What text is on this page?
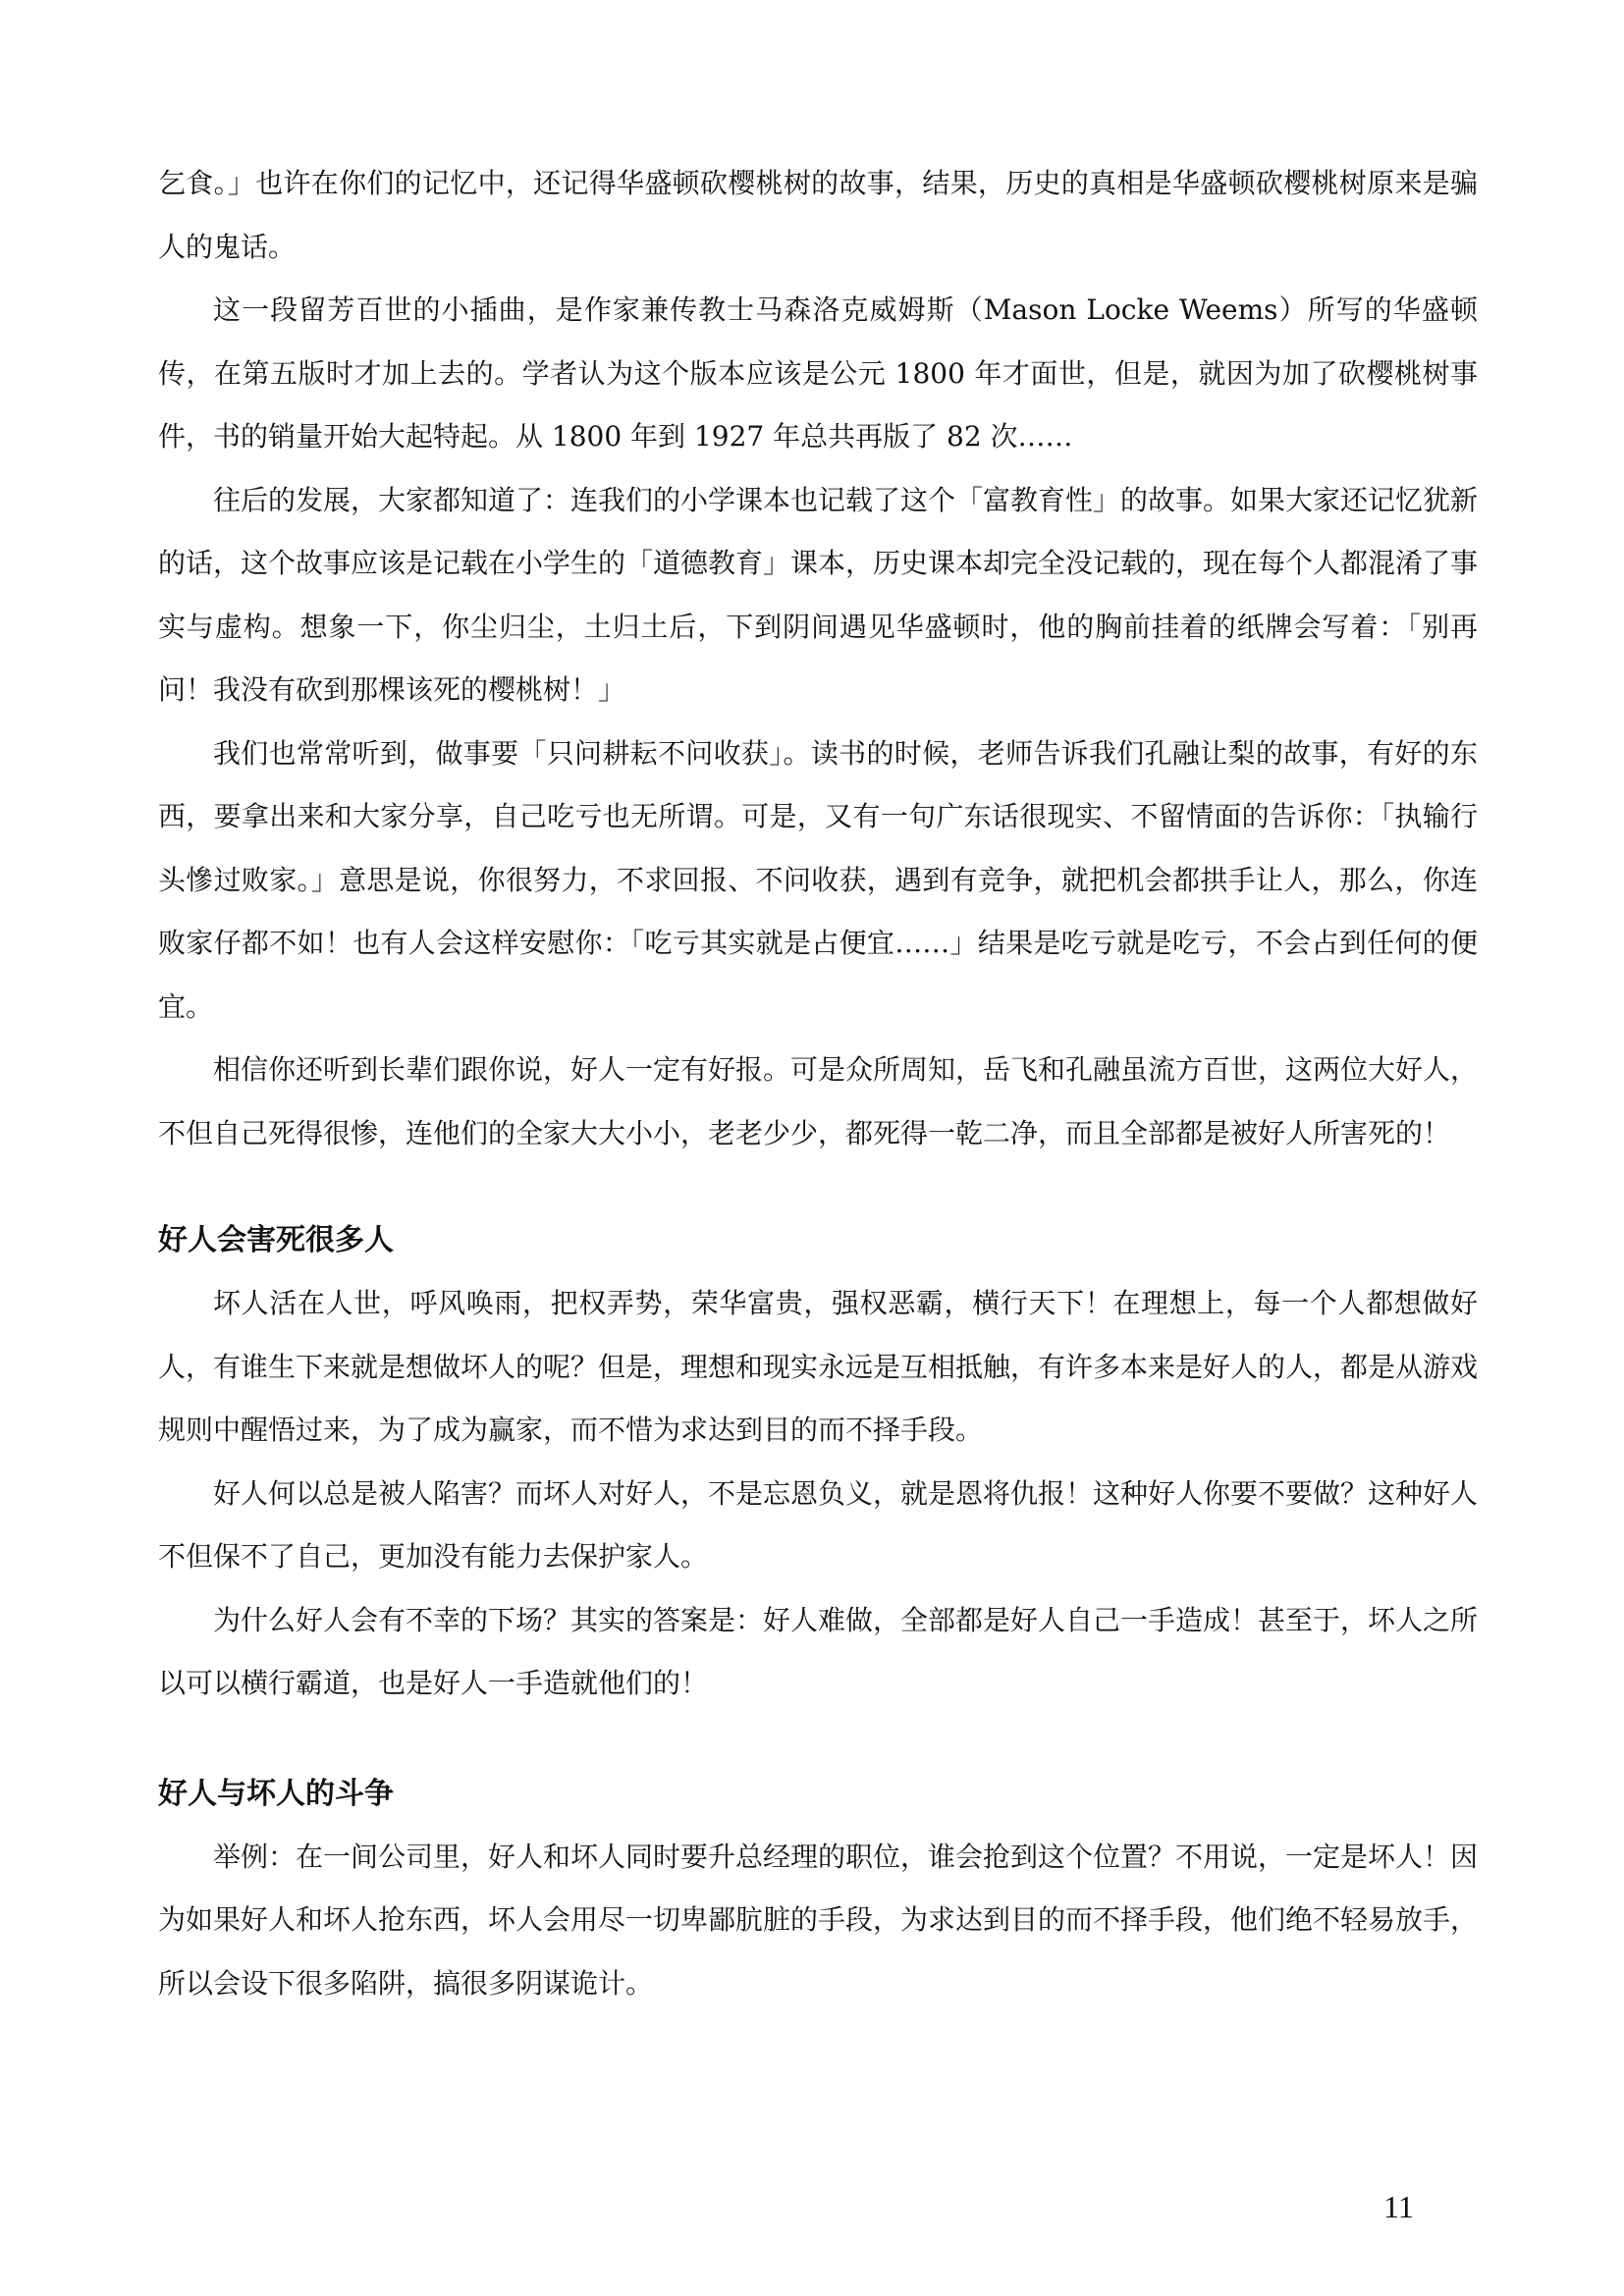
乞食。」也许在你们的记忆中，还记得华盛顿砍樱桃树的故事，结果，历史的真相是华盛顿砍樱桃树原来是骗人的鬼话。

这一段留芳百世的小插曲，是作家兼传教士马森洛克威姆斯（Mason Locke Weems）所写的华盛顿传，在第五版时才加上去的。学者认为这个版本应该是公元 1800 年才面世，但是，就因为加了砍樱桃树事件，书的销量开始大起特起。从 1800 年到 1927 年总共再版了 82 次……

往后的发展，大家都知道了：连我们的小学课本也记载了这个「富教育性」的故事。如果大家还记忆犹新的话，这个故事应该是记载在小学生的「道德教育」课本，历史课本却完全没记载的，现在每个人都混淆了事实与虚构。想象一下，你尘归尘，土归土后，下到阴间遇见华盛顿时，他的胸前挂着的纸牌会写着：「别再问！我没有砍到那棵该死的樱桃树！」

我们也常常听到，做事要「只问耕耘不问收获」。读书的时候，老师告诉我们孔融让梨的故事，有好的东西，要拿出来和大家分享，自己吃亏也无所谓。可是，又有一句广东话很现实、不留情面的告诉你：「执输行头慘过败家。」意思是说，你很努力，不求回报、不问收获，遇到有竞争，就把机会都拱手让人，那么，你连败家仔都不如！也有人会这样安慰你：「吃亏其实就是占便宜……」结果是吃亏就是吃亏，不会占到任何的便宜。

相信你还听到长辈们跟你说，好人一定有好报。可是众所周知，岳飞和孔融虽流方百世，这两位大好人，不但自己死得很惨，连他们的全家大大小小，老老少少，都死得一乾二净，而且全部都是被好人所害死的！

好人会害死很多人

坏人活在人世，呼风唤雨，把权弄势，荣华富贵，强权恶霸，横行天下！在理想上，每一个人都想做好人，有谁生下来就是想做坏人的呢？但是，理想和现实永远是互相抵触，有许多本来是好人的人，都是从游戏规则中醒悟过来，为了成为赢家，而不惜为求达到目的而不择手段。

好人何以总是被人陷害？而坏人对好人，不是忘恩负义，就是恩将仇报！这种好人你要不要做？这种好人不但保不了自己，更加没有能力去保护家人。

为什么好人会有不幸的下场？其实的答案是：好人难做，全部都是好人自己一手造成！甚至于，坏人之所以可以横行霸道，也是好人一手造就他们的！

好人与坏人的斗争

举例：在一间公司里，好人和坏人同时要升总经理的职位，谁会抢到这个位置？不用说，一定是坏人！因为如果好人和坏人抢东西，坏人会用尽一切卑鄙肮脏的手段，为求达到目的而不择手段，他们绝不轻易放手，所以会设下很多陷阱，搞很多阴谋诡计。

11
